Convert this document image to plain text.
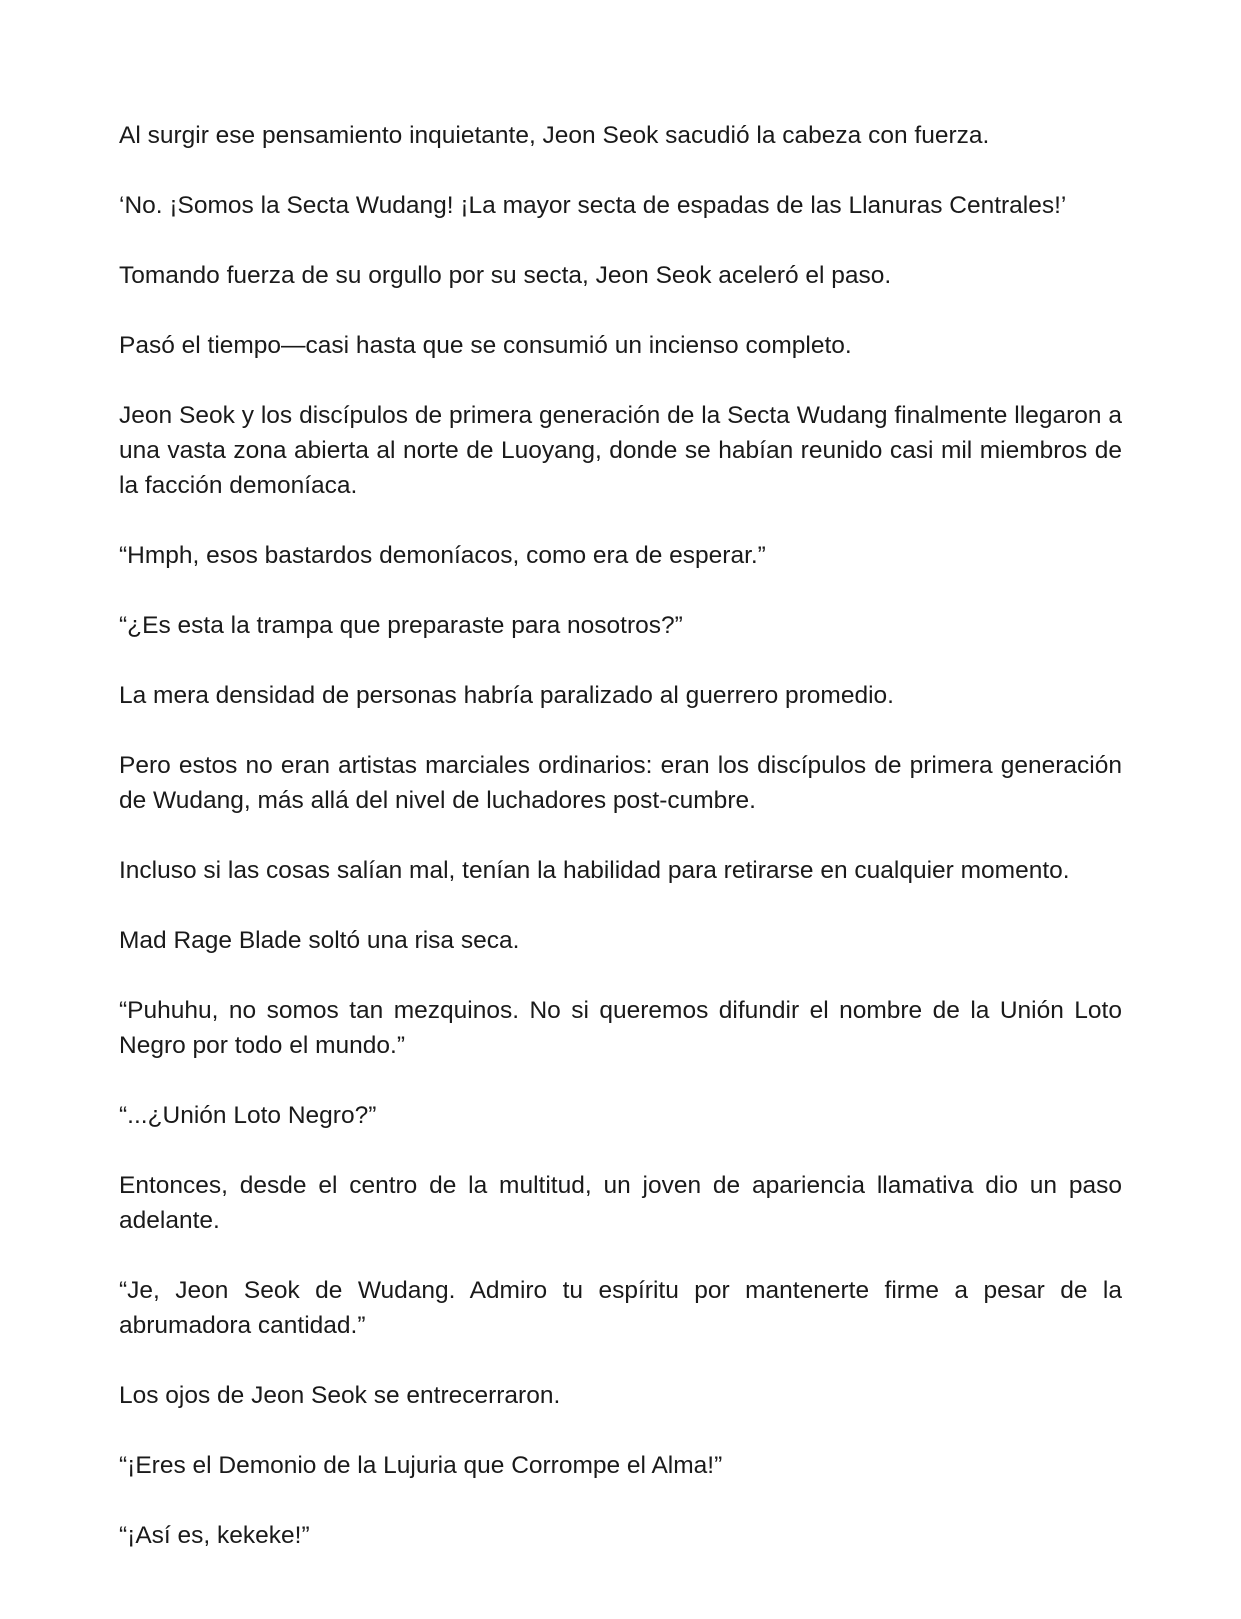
Al surgir ese pensamiento inquietante, Jeon Seok sacudió la cabeza con fuerza.

‘No. ¡Somos la Secta Wudang! ¡La mayor secta de espadas de las Llanuras Centrales!’

Tomando fuerza de su orgullo por su secta, Jeon Seok aceleró el paso.

Pasó el tiempo—casi hasta que se consumió un incienso completo.

Jeon Seok y los discípulos de primera generación de la Secta Wudang finalmente llegaron a una vasta zona abierta al norte de Luoyang, donde se habían reunido casi mil miembros de la facción demoníaca.

“Hmph, esos bastardos demoníacos, como era de esperar.”

“¿Es esta la trampa que preparaste para nosotros?”

La mera densidad de personas habría paralizado al guerrero promedio.

Pero estos no eran artistas marciales ordinarios: eran los discípulos de primera generación de Wudang, más allá del nivel de luchadores post-cumbre.

Incluso si las cosas salían mal, tenían la habilidad para retirarse en cualquier momento.

Mad Rage Blade soltó una risa seca.

“Puhuhu, no somos tan mezquinos. No si queremos difundir el nombre de la Unión Loto Negro por todo el mundo.”

“...¿Unión Loto Negro?”

Entonces, desde el centro de la multitud, un joven de apariencia llamativa dio un paso adelante.

“Je, Jeon Seok de Wudang. Admiro tu espíritu por mantenerte firme a pesar de la abrumadora cantidad.”

Los ojos de Jeon Seok se entrecerraron.

“¡Eres el Demonio de la Lujuria que Corrompe el Alma!”

“¡Así es, kekeke!”
